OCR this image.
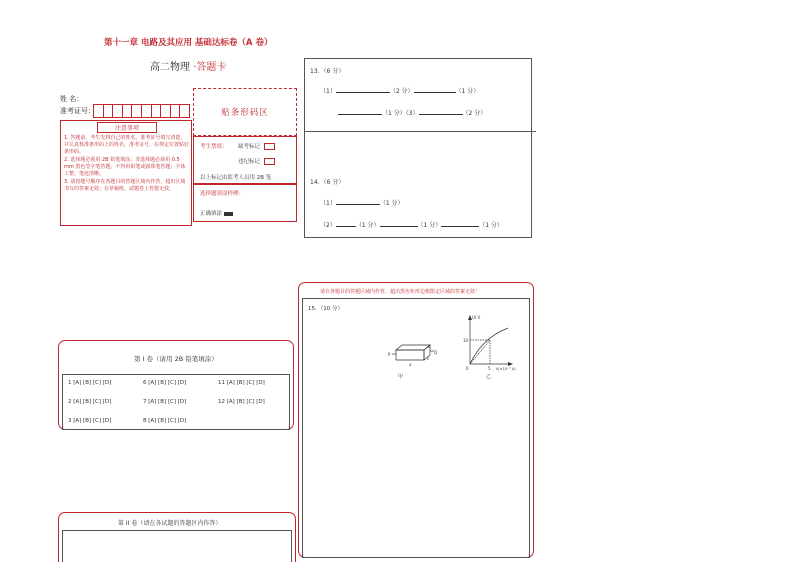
第十一章 电路及其应用 基础达标卷（A 卷）
高二物理 ·答题卡
姓 名：
准考证号：	贴条形码区
注意事项

1. 答题前，考生先将自己的姓名、准考证号填写清楚，并认真核准条形码上的姓名、准考证号，在规定位置贴好条形码。

2. 选择题必须用 2B 铅笔填涂；非选择题必须用 0.5 mm 黑色签字笔答题，不得用铅笔或圆珠笔答题；字体工整、笔迹清晰。

3. 请按题号顺序在各题目的答题区域内作答，超出区域书写的答案无效；在草稿纸、试题卷上答题无效。

考生禁填： 缺考标记
违纪标记
以上标记由监考人员用 2B 笔
选择题填涂样例：
正确填涂
13．（6 分）
（1）	（2 分）	（1 分）
（1 分）（3）	（2 分）
14．（6 分）
（1）	（1 分）
（2）	（1 分）	（1 分）	（1 分）
请在各题目的答题区域内作答，超出黑色矩形边框限定区域的答案无效！
15．（10 分）
P	Q
a
c
b
甲
U/ V
I/(×10⁻³ A)
10
5
0
乙
第 I 卷（请用 2B 铅笔填涂）
1 [A] [B] [C] [D]	6 [A] [B] [C] [D]	11 [A] [B] [C] [D]
2 [A] [B] [C] [D]	7 [A] [B] [C] [D]	12 [A] [B] [C] [D]
3 [A] [B] [C] [D]	8 [A] [B] [C] [D]
第 II 卷（请在各试题的答题区内作答）
